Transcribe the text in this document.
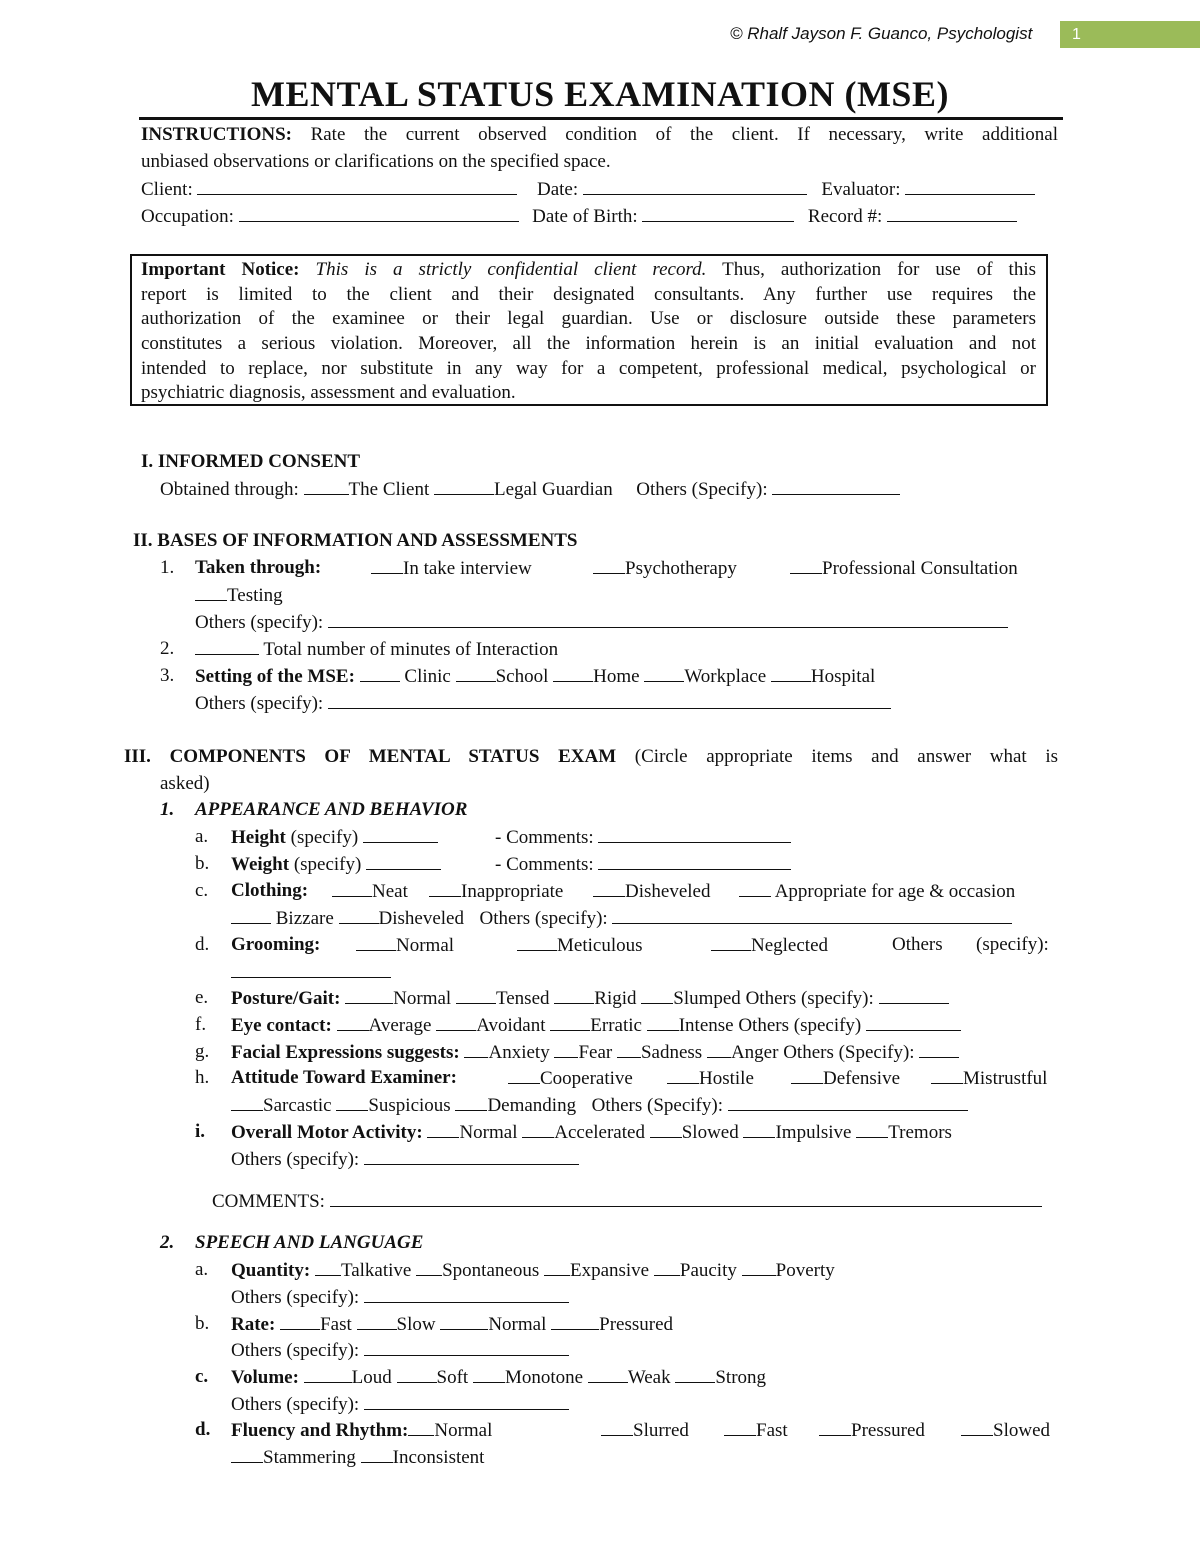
© Rhalf Jayson F. Guanco, Psychologist 1
MENTAL STATUS EXAMINATION (MSE)
INSTRUCTIONS: Rate the current observed condition of the client. If necessary, write additional
unbiased observations or clarifications on the specified space.
Client:	Date:	Evaluator:
Occupation:	Date of Birth:	Record #:
Important Notice: This is a strictly confidential client record. Thus, authorization for use of this
report is limited to the client and their designated consultants. Any further use requires the
authorization of the examinee or their legal guardian. Use or disclosure outside these parameters
constitutes a serious violation. Moreover, all the information herein is an initial evaluation and not
intended to replace, nor substitute in any way for a competent, professional medical, psychological or
psychiatric diagnosis, assessment and evaluation.
I. INFORMED CONSENT
Obtained through:	The Client	Legal Guardian Others (Specify):
II. BASES OF INFORMATION AND ASSESSMENTS
1. Taken through:	In take interview	Psychotherapy	Professional Consultation
Testing
Others (specify):
2.	Total number of minutes of Interaction
3. Setting of the MSE:	Clinic School Home Workplace Hospital
Others (specify):
III. COMPONENTS OF MENTAL STATUS EXAM (Circle appropriate items and answer what is
asked)
1. APPEARANCE AND BEHAVIOR
a. Height (specify)	- Comments:
b. Weight (specify)	- Comments:
c. Clothing:	Neat	Inappropriate	Disheveled	Appropriate for age & occasion
Bizzare Disheveled Others (specify):
d. Grooming:	Normal	Meticulous	Neglected	Others (specify):
e. Posture/Gait:	Normal Tensed Rigid Slumped Others (specify):
f. Eye contact: Average Avoidant Erratic Intense Others (specify)
g. Facial Expressions suggests: Anxiety Fear Sadness Anger Others (Specify):
h. Attitude Toward Examiner:	Cooperative	Hostile	Defensive	Mistrustful
Sarcastic Suspicious Demanding Others (Specify):
i. Overall Motor Activity: Normal Accelerated Slowed Impulsive Tremors
Others (specify):
COMMENTS:
2. SPEECH AND LANGUAGE
a. Quantity: Talkative Spontaneous Expansive Paucity Poverty
Others (specify):
b. Rate: Fast Slow	Normal	Pressured
Others (specify):
c. Volume:	Loud Soft Monotone Weak Strong
Others (specify):
d. Fluency and Rhythm: Normal	Slurred	Fast	Pressured	Slowed
Stammering Inconsistent
